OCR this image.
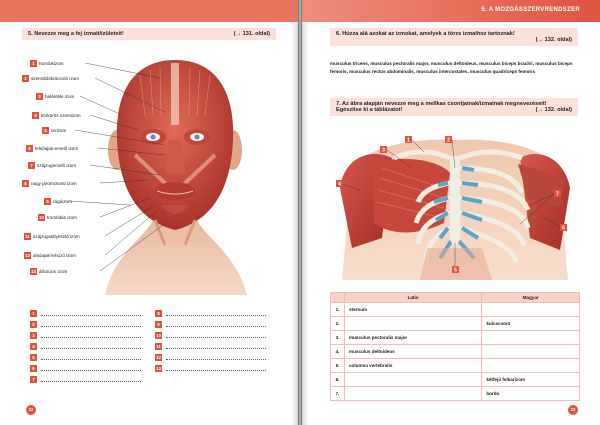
5. Nevezze meg a fej izmait/izületeit!	(→ 131. oldal)
1 homlokizom
2 szemöldökráncoló izom
3 halántéki izom
4 körkörös szemizom
5 orrizom
6 felsőajak-emelő izom
7 szájzugemelő izom
8 nagy járomcsonti izom
9 rágóizom
10 trombitás izom
11 szájzugsüllyesztő izom
12 alsóajak-lehúzó izom
13 állcsúcsi izom
1
2
3
4
5
6
7
8
9
10
11
12
13
32
5. A MOZGÁSSZERVRENDSZER
6. Húzza alá azokat az izmokat, amelyek a törzs izmaihoz tartoznak!
(→ 132. oldal)
musculus tricens, musculus pectoralis major, musculus deltoideus, musculus biceps brachii, musculus biceps femoris, musculus rectus abdominalis, musculus intercostales, musculus quadriceps femoris
7. Az ábra alapján nevezze meg a mellkas csontjainak/izmainak megnevezéseit!
Egészítse ki a táblázatot!	(→ 132. oldal)
3
1	2
4
5
6
7
	Latin	Magyar
1.	sternum	
2.		kulcscsont
3.	musculus pectoralis major	
4.	musculus deltoideus	
5.	columna vertebralis	
6.		kétfejű felkarizom
7.		borda
33
